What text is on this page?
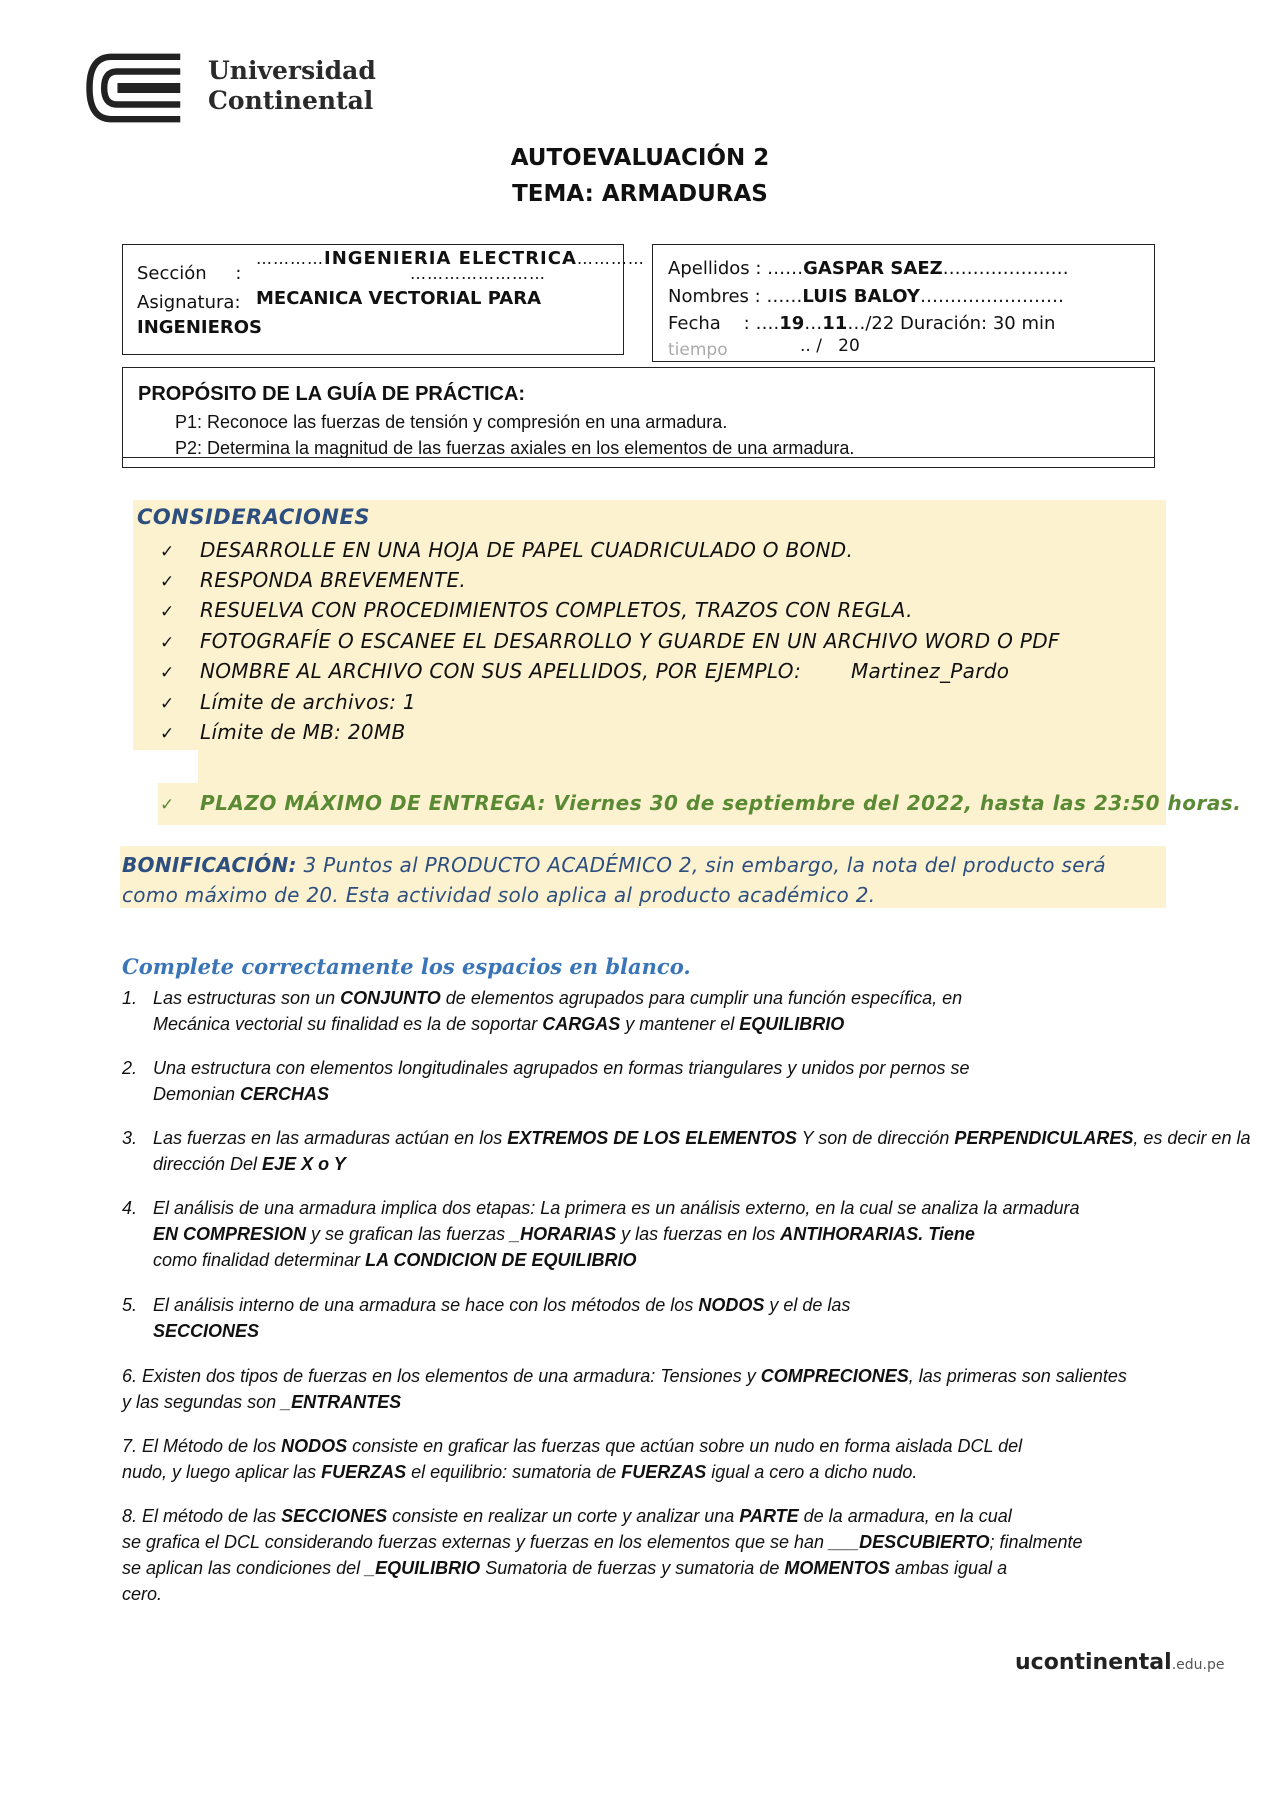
Universidad
Continental
AUTOEVALUACIÓN 2
TEMA: ARMADURAS
…………INGENIERIA ELECTRICA…………
Sección     :	……………………
Asignatura: MECANICA VECTORIAL PARA
INGENIEROS
Apellidos : ……GASPAR SAEZ…………………
Nombres : ……LUIS BALOY……………………
Fecha    : ….19…11…/22 Duración: 30 min
tiempo	.. /   20
PROPÓSITO DE LA GUÍA DE PRÁCTICA:
P1: Reconoce las fuerzas de tensión y compresión en una armadura.
P2: Determina la magnitud de las fuerzas axiales en los elementos de una armadura.
CONSIDERACIONES
✓ DESARROLLE EN UNA HOJA DE PAPEL CUADRICULADO O BOND.
✓ RESPONDA BREVEMENTE.
✓ RESUELVA CON PROCEDIMIENTOS COMPLETOS, TRAZOS CON REGLA.
✓ FOTOGRAFÍE O ESCANEE EL DESARROLLO Y GUARDE EN UN ARCHIVO WORD O PDF
✓ NOMBRE AL ARCHIVO CON SUS APELLIDOS, POR EJEMPLO: Martinez_Pardo
✓ Límite de archivos: 1
✓ Límite de MB: 20MB
✓ PLAZO MÁXIMO DE ENTREGA: Viernes 30 de septiembre del 2022, hasta las 23:50 horas.
BONIFICACIÓN: 3 Puntos al PRODUCTO ACADÉMICO 2, sin embargo, la nota del producto será
como máximo de 20. Esta actividad solo aplica al producto académico 2.
Complete correctamente los espacios en blanco.
1. Las estructuras son un CONJUNTO de elementos agrupados para cumplir una función específica, en
Mecánica vectorial su finalidad es la de soportar CARGAS y mantener el EQUILIBRIO
2. Una estructura con elementos longitudinales agrupados en formas triangulares y unidos por pernos se
Demonian CERCHAS
3. Las fuerzas en las armaduras actúan en los EXTREMOS DE LOS ELEMENTOS Y son de dirección PERPENDICULARES, es decir en la
dirección Del EJE X o Y
4. El análisis de una armadura implica dos etapas: La primera es un análisis externo, en la cual se analiza la armadura
EN COMPRESION y se grafican las fuerzas _HORARIAS y las fuerzas en los ANTIHORARIAS. Tiene
como finalidad determinar LA CONDICION DE EQUILIBRIO
5. El análisis interno de una armadura se hace con los métodos de los NODOS y el de las
SECCIONES
6. Existen dos tipos de fuerzas en los elementos de una armadura: Tensiones y COMPRECIONES, las primeras son salientes
y las segundas son _ENTRANTES
7. El Método de los NODOS consiste en graficar las fuerzas que actúan sobre un nudo en forma aislada DCL del
nudo, y luego aplicar las FUERZAS el equilibrio: sumatoria de FUERZAS igual a cero a dicho nudo.
8. El método de las SECCIONES consiste en realizar un corte y analizar una PARTE de la armadura, en la cual
se grafica el DCL considerando fuerzas externas y fuerzas en los elementos que se han ___DESCUBIERTO; finalmente
se aplican las condiciones del _EQUILIBRIO Sumatoria de fuerzas y sumatoria de MOMENTOS ambas igual a
cero.
ucontinental.edu.pe
